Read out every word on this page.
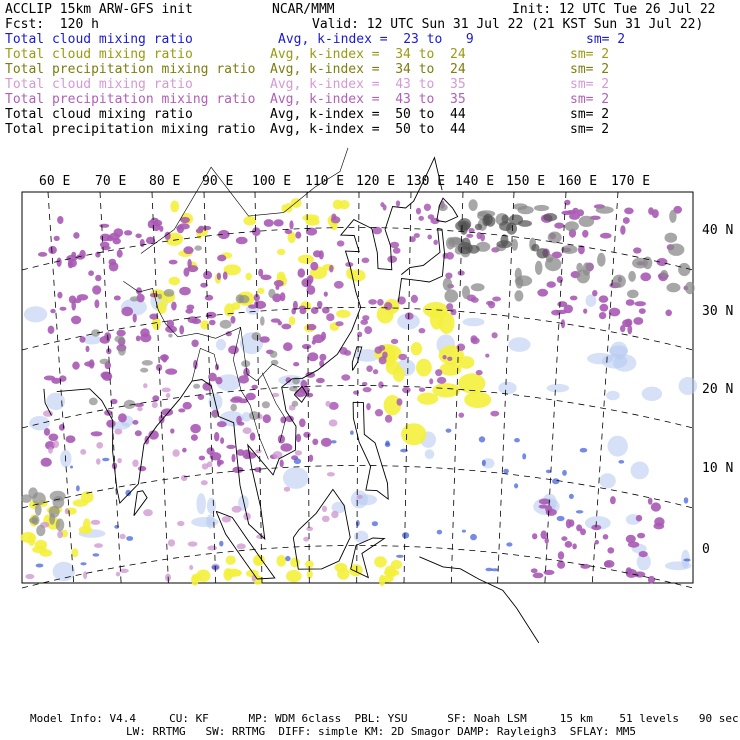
ACCLIP 15km ARW-GFS init	NCAR/MMM	Init: 12 UTC Tue 26 Jul 22
Fcst:  120 h	Valid: 12 UTC Sun 31 Jul 22 (21 KST Sun 31 Jul 22)
Total cloud mixing ratio	Avg, k-index =  23 to   9	sm= 2
Total cloud mixing ratio	Avg, k-index =  34 to  24	sm= 2
Total precipitation mixing ratio Avg, k-index =  34 to  24	sm= 2
Total cloud mixing ratio	Avg, k-index =  43 to  35	sm= 2
Total precipitation mixing ratio Avg, k-index =  43 to  35	sm= 2
Total cloud mixing ratio	Avg, k-index =  50 to  44	sm= 2
Total precipitation mixing ratio Avg, k-index =  50 to  44	sm= 2
60 E 70 E 80 E 90 E 100 E 110 E 120 E 130 E 140 E 150 E 160 E 170 E
40 N
30 N
20 N
10 N
0
Model Info: V4.4     CU: KF      MP: WDM 6class  PBL: YSU      SF: Noah LSM     15 km    51 levels   90 sec
LW: RRTMG   SW: RRTMG  DIFF: simple KM: 2D Smagor DAMP: Rayleigh3  SFLAY: MM5
